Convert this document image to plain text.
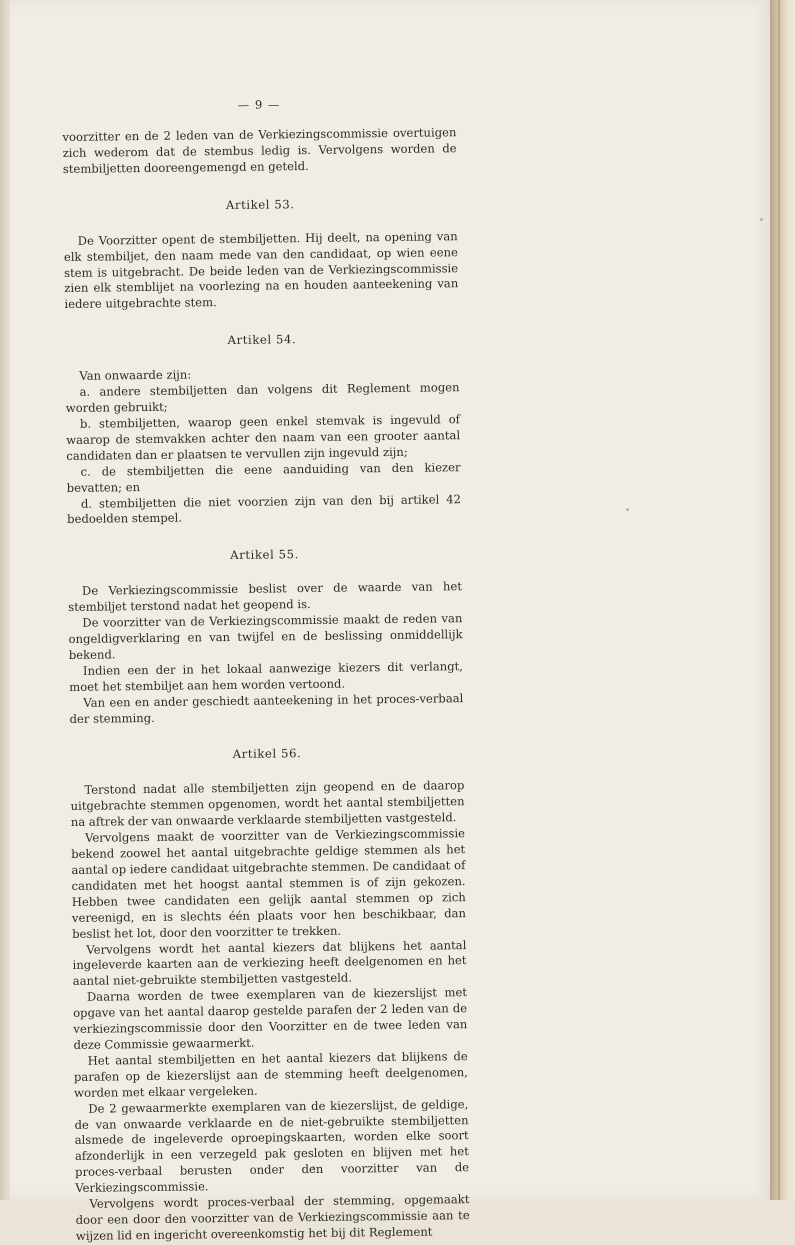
— 9 —

voorzitter en de 2 leden van de Verkiezingscommissie overtuigen zich wederom dat de stembus ledig is. Vervolgens worden de stembiljetten dooreengemengd en geteld.

Artikel 53.

De Voorzitter opent de stembiljetten. Hij deelt, na opening van elk stembiljet, den naam mede van den candidaat, op wien eene stem is uitgebracht. De beide leden van de Verkiezingscommissie zien elk stemblijet na voorlezing na en houden aanteekening van iedere uitgebrachte stem.

Artikel 54.

Van onwaarde zijn:

a. andere stembiljetten dan volgens dit Reglement mogen worden gebruikt;

b. stembiljetten, waarop geen enkel stemvak is ingevuld of waarop de stemvakken achter den naam van een grooter aantal candidaten dan er plaatsen te vervullen zijn ingevuld zijn;

c. de stembiljetten die eene aanduiding van den kiezer bevatten; en

d. stembiljetten die niet voorzien zijn van den bij artikel 42 bedoelden stempel.

Artikel 55.

De Verkiezingscommissie beslist over de waarde van het stembiljet terstond nadat het geopend is.

De voorzitter van de Verkiezingscommissie maakt de reden van ongeldigverklaring en van twijfel en de beslissing onmiddellijk bekend.

Indien een der in het lokaal aanwezige kiezers dit verlangt, moet het stembiljet aan hem worden vertoond.

Van een en ander geschiedt aanteekening in het proces-verbaal der stemming.

Artikel 56.

Terstond nadat alle stembiljetten zijn geopend en de daarop uitgebrachte stemmen opgenomen, wordt het aantal stembiljetten na aftrek der van onwaarde verklaarde stembiljetten vastgesteld.

Vervolgens maakt de voorzitter van de Verkiezingscommissie bekend zoowel het aantal uitgebrachte geldige stemmen als het aantal op iedere candidaat uitgebrachte stemmen. De candidaat of candidaten met het hoogst aantal stemmen is of zijn gekozen. Hebben twee candidaten een gelijk aantal stemmen op zich vereenigd, en is slechts één plaats voor hen beschikbaar, dan beslist het lot, door den voorzitter te trekken.

Vervolgens wordt het aantal kiezers dat blijkens het aantal ingeleverde kaarten aan de verkiezing heeft deelgenomen en het aantal niet-gebruikte stembiljetten vastgesteld.

Daarna worden de twee exemplaren van de kiezerslijst met opgave van het aantal daarop gestelde parafen der 2 leden van de verkiezingscommissie door den Voorzitter en de twee leden van deze Commissie gewaarmerkt.

Het aantal stembiljetten en het aantal kiezers dat blijkens de parafen op de kiezerslijst aan de stemming heeft deelgenomen, worden met elkaar vergeleken.

De 2 gewaarmerkte exemplaren van de kiezerslijst, de geldige, de van onwaarde verklaarde en de niet-gebruikte stembiljetten alsmede de ingeleverde oproepingskaarten, worden elke soort afzonderlijk in een verzegeld pak gesloten en blijven met het proces-verbaal berusten onder den voorzitter van de Verkiezingscommissie.

Vervolgens wordt proces-verbaal der stemming, opgemaakt door een door den voorzitter van de Verkiezingscommissie aan te wijzen lid en ingericht overeenkomstig het bij dit Reglement
